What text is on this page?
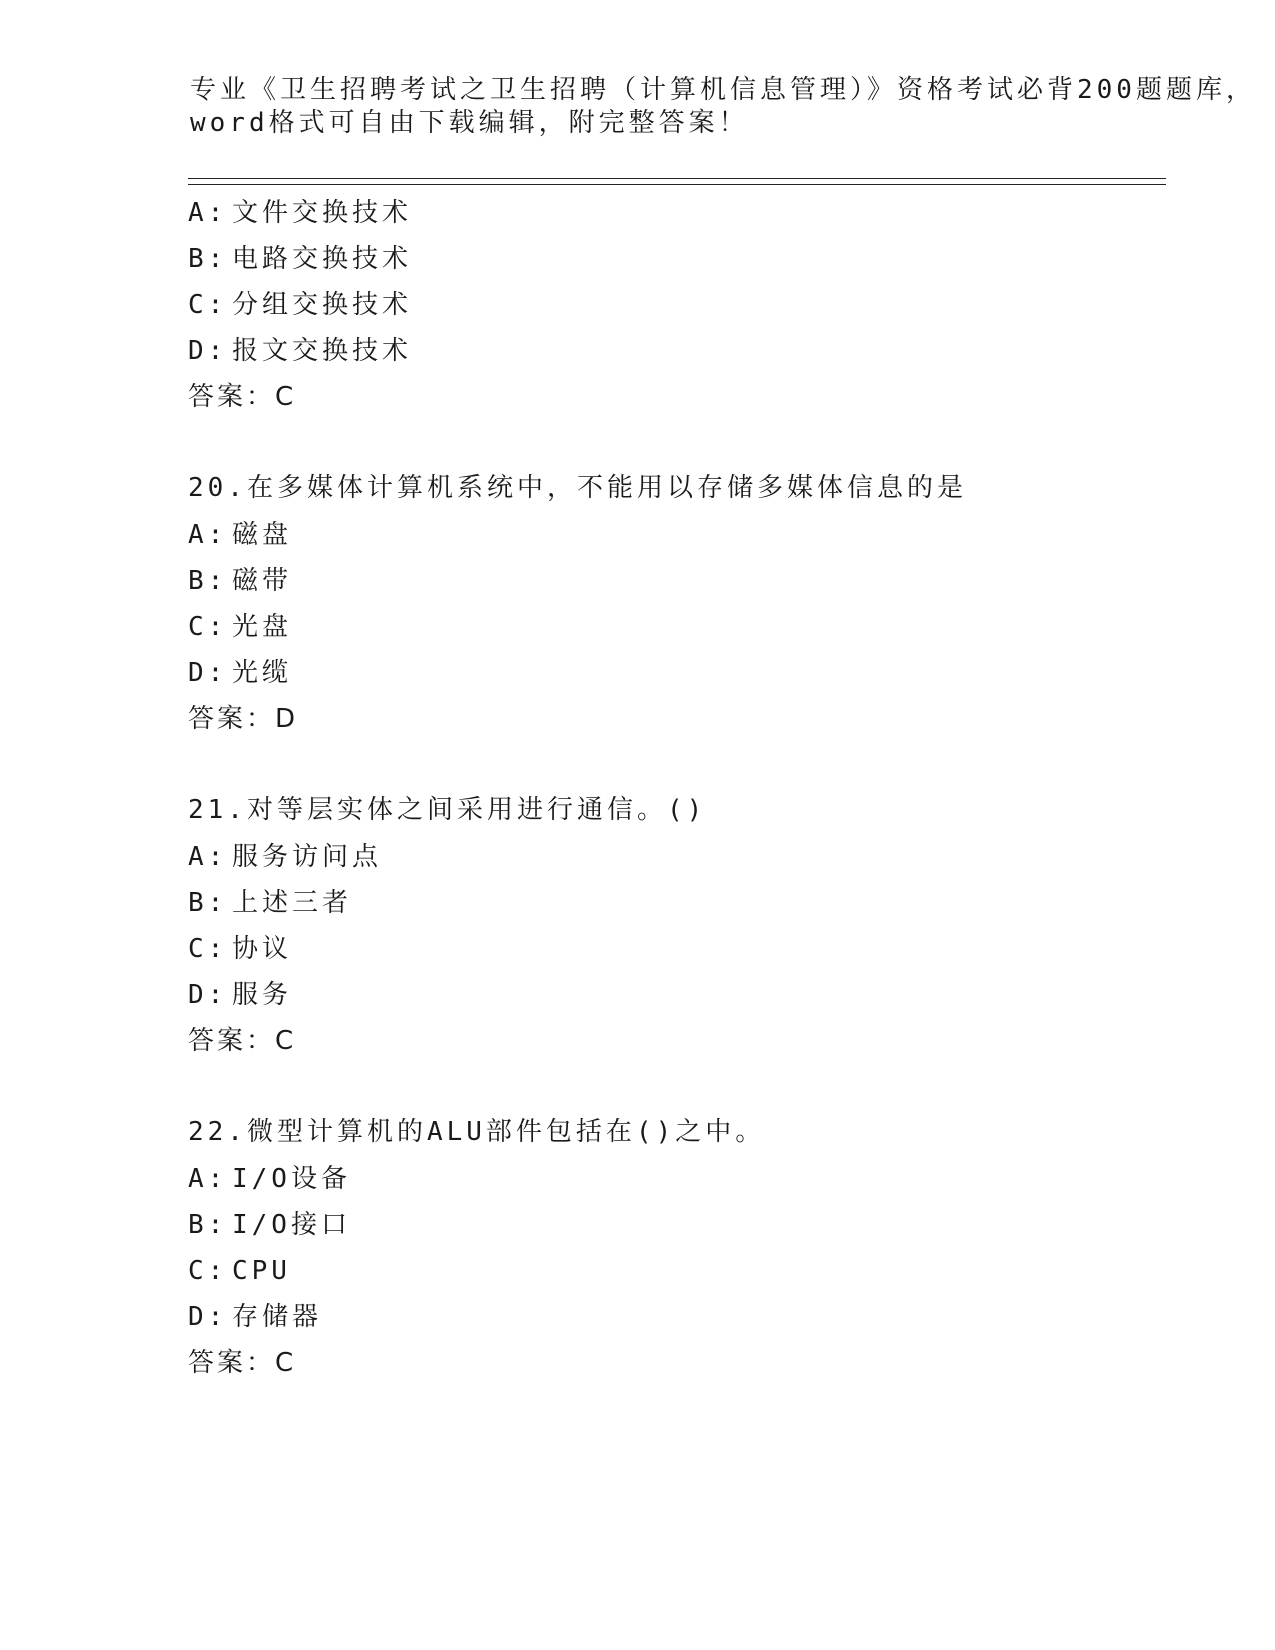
专业《卫生招聘考试之卫生招聘（计算机信息管理）》资格考试必背200题题库，
word格式可自由下载编辑，附完整答案！
A: 文件交换技术
B: 电路交换技术
C: 分组交换技术
D: 报文交换技术
答案：C
20.在多媒体计算机系统中，不能用以存储多媒体信息的是
A: 磁盘
B: 磁带
C: 光盘
D: 光缆
答案：D
21.对等层实体之间采用进行通信。()
A: 服务访问点
B: 上述三者
C: 协议
D: 服务
答案：C
22.微型计算机的ALU部件包括在()之中。
A: I/O设备
B: I/O接口
C: CPU
D: 存储器
答案：C
